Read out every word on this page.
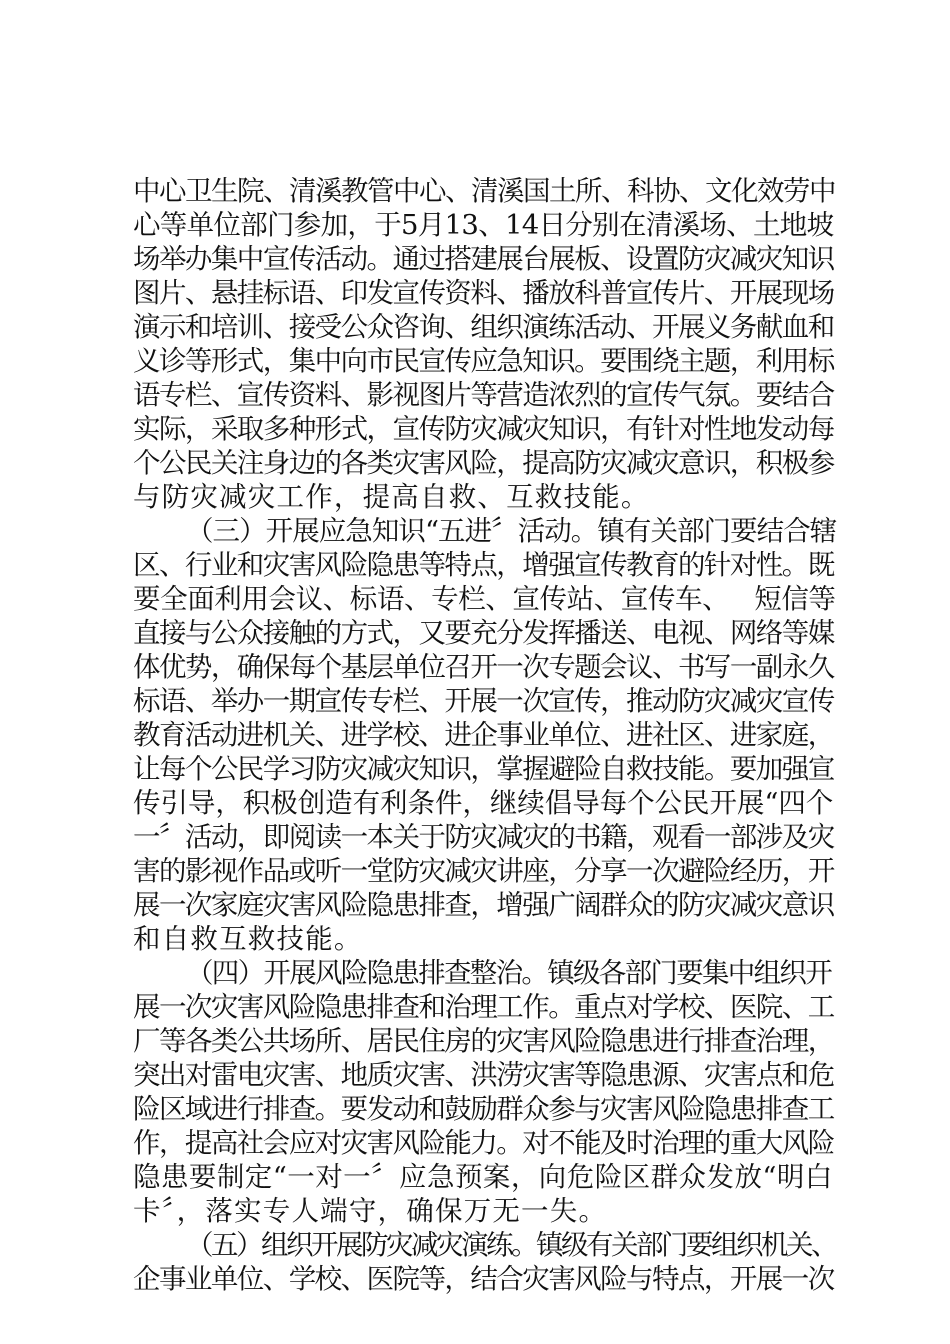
中心卫生院、清溪教管中心、清溪国土所、科协、文化效劳中
心等单位部门参加，于5月13、14日分别在清溪场、土地坡
场举办集中宣传活动。通过搭建展台展板、设置防灾减灾知识
图片、悬挂标语、印发宣传资料、播放科普宣传片、开展现场
演示和培训、接受公众咨询、组织演练活动、开展义务献血和
义诊等形式，集中向市民宣传应急知识。要围绕主题，利用标
语专栏、宣传资料、影视图片等营造浓烈的宣传气氛。要结合
实际，采取多种形式，宣传防灾减灾知识，有针对性地发动每
个公民关注身边的各类灾害风险，提高防灾减灾意识，积极参
与防灾减灾工作，提高自救、互救技能。
（三）开展应急知识“五进〞活动。镇有关部门要结合辖
区、行业和灾害风险隐患等特点，增强宣传教育的针对性。既
要全面利用会议、标语、专栏、宣传站、宣传车、   短信等
直接与公众接触的方式，又要充分发挥播送、电视、网络等媒
体优势，确保每个基层单位召开一次专题会议、书写一副永久
标语、举办一期宣传专栏、开展一次宣传，推动防灾减灾宣传
教育活动进机关、进学校、进企事业单位、进社区、进家庭，
让每个公民学习防灾减灾知识，掌握避险自救技能。要加强宣
传引导，积极创造有利条件，继续倡导每个公民开展“四个
一〞活动，即阅读一本关于防灾减灾的书籍，观看一部涉及灾
害的影视作品或听一堂防灾减灾讲座，分享一次避险经历，开
展一次家庭灾害风险隐患排查，增强广阔群众的防灾减灾意识
和自救互救技能。
（四）开展风险隐患排查整治。镇级各部门要集中组织开
展一次灾害风险隐患排查和治理工作。重点对学校、医院、工
厂等各类公共场所、居民住房的灾害风险隐患进行排查治理，
突出对雷电灾害、地质灾害、洪涝灾害等隐患源、灾害点和危
险区域进行排查。要发动和鼓励群众参与灾害风险隐患排查工
作，提高社会应对灾害风险能力。对不能及时治理的重大风险
隐患要制定“一对一〞应急预案，向危险区群众发放“明白
卡〞，落实专人端守，确保万无一失。
（五）组织开展防灾减灾演练。镇级有关部门要组织机关、
企事业单位、学校、医院等，结合灾害风险与特点，开展一次
